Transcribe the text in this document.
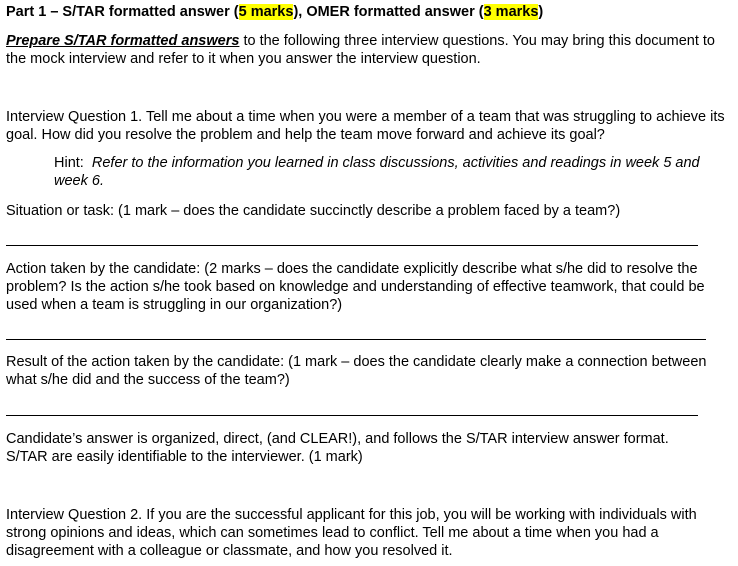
Part 1 – S/TAR formatted answer (5 marks), OMER formatted answer (3 marks)
Prepare S/TAR formatted answers to the following three interview questions. You may bring this document to the mock interview and refer to it when you answer the interview question.
Interview Question 1. Tell me about a time when you were a member of a team that was struggling to achieve its goal. How did you resolve the problem and help the team move forward and achieve its goal?
Hint: Refer to the information you learned in class discussions, activities and readings in week 5 and week 6.
Situation or task: (1 mark – does the candidate succinctly describe a problem faced by a team?)
Action taken by the candidate: (2 marks – does the candidate explicitly describe what s/he did to resolve the problem? Is the action s/he took based on knowledge and understanding of effective teamwork, that could be used when a team is struggling in our organization?)
Result of the action taken by the candidate: (1 mark – does the candidate clearly make a connection between what s/he did and the success of the team?)
Candidate’s answer is organized, direct, (and CLEAR!), and follows the S/TAR interview answer format. S/TAR are easily identifiable to the interviewer. (1 mark)
Interview Question 2. If you are the successful applicant for this job, you will be working with individuals with strong opinions and ideas, which can sometimes lead to conflict. Tell me about a time when you had a disagreement with a colleague or classmate, and how you resolved it.
